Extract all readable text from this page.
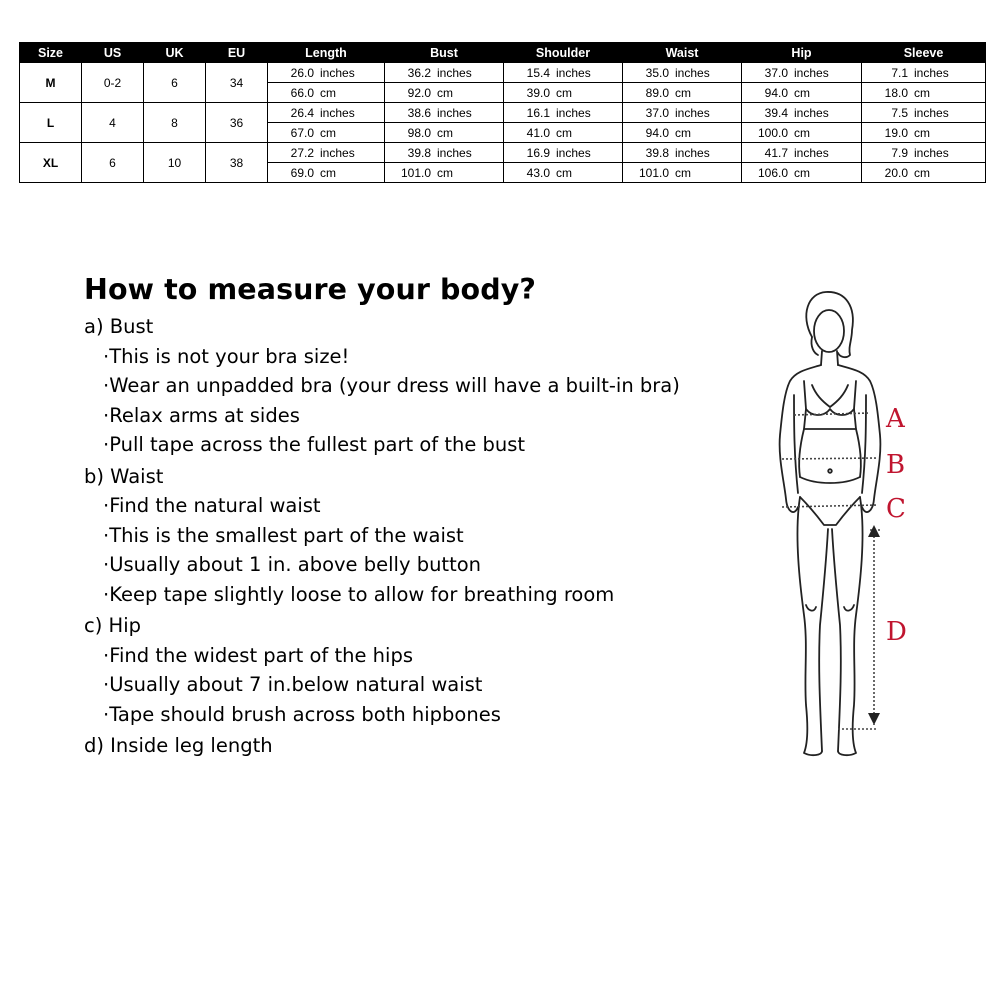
Size	US	UK	EU	Length	Bust	Shoulder	Waist	Hip	Sleeve
M	0-2	6	34	26.0 inches	36.2 inches	15.4 inches	35.0 inches	37.0 inches	7.1 inches
				66.0 cm	92.0 cm	39.0 cm	89.0 cm	94.0 cm	18.0 cm
L	4	8	36	26.4 inches	38.6 inches	16.1 inches	37.0 inches	39.4 inches	7.5 inches
				67.0 cm	98.0 cm	41.0 cm	94.0 cm	100.0 cm	19.0 cm
XL	6	10	38	27.2 inches	39.8 inches	16.9 inches	39.8 inches	41.7 inches	7.9 inches
				69.0 cm	101.0 cm	43.0 cm	101.0 cm	106.0 cm	20.0 cm
How to measure your body?
a) Bust
·This is not your bra size!
·Wear an unpadded bra (your dress will have a built-in bra)
·Relax arms at sides
·Pull tape across the fullest part of the bust
b) Waist
·Find the natural waist
·This is the smallest part of the waist
·Usually about 1 in. above belly button
·Keep tape slightly loose to allow for breathing room
c) Hip
·Find the widest part of the hips
·Usually about 7 in.below natural waist
·Tape should brush across both hipbones
d) Inside leg length
A
B
C
D
